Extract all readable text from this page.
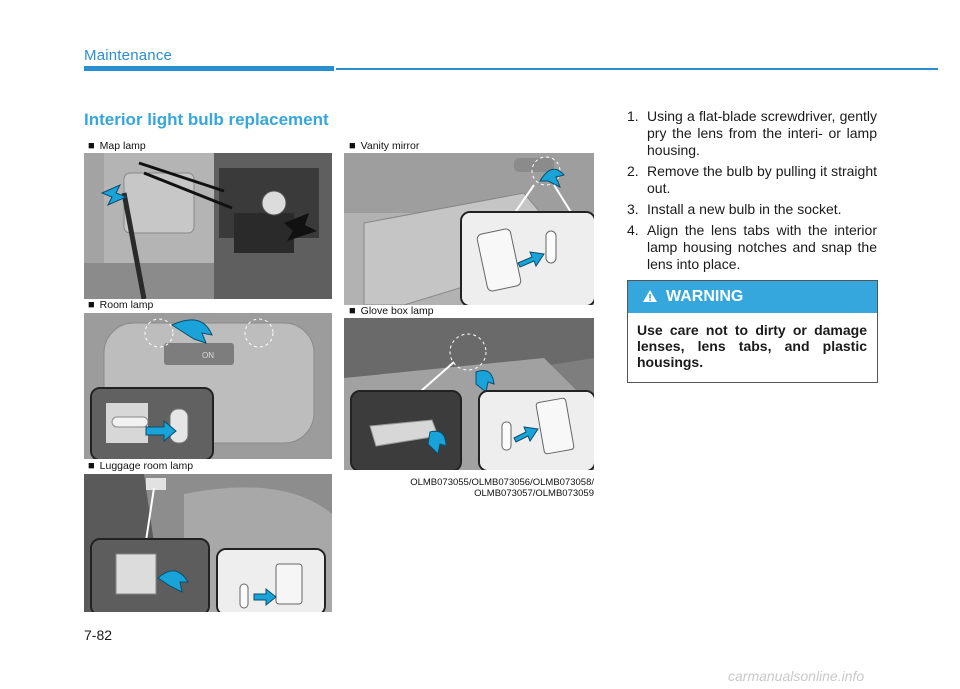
Maintenance
Interior light bulb replacement
■ Map lamp
■ Room lamp
■ Luggage room lamp
■ Vanity mirror
■ Glove box lamp
ON
OLMB073055/OLMB073056/OLMB073058/
OLMB073057/OLMB073059
1. Using a flat-blade screwdriver, gently pry the lens from the interi- or lamp housing.
2. Remove the bulb by pulling it straight out.
3. Install a new bulb in the socket.
4. Align the lens tabs with the interior lamp housing notches and snap the lens into place.
WARNING
Use care not to dirty or damage lenses, lens tabs, and plastic housings.
7-82
carmanualsonline.info
